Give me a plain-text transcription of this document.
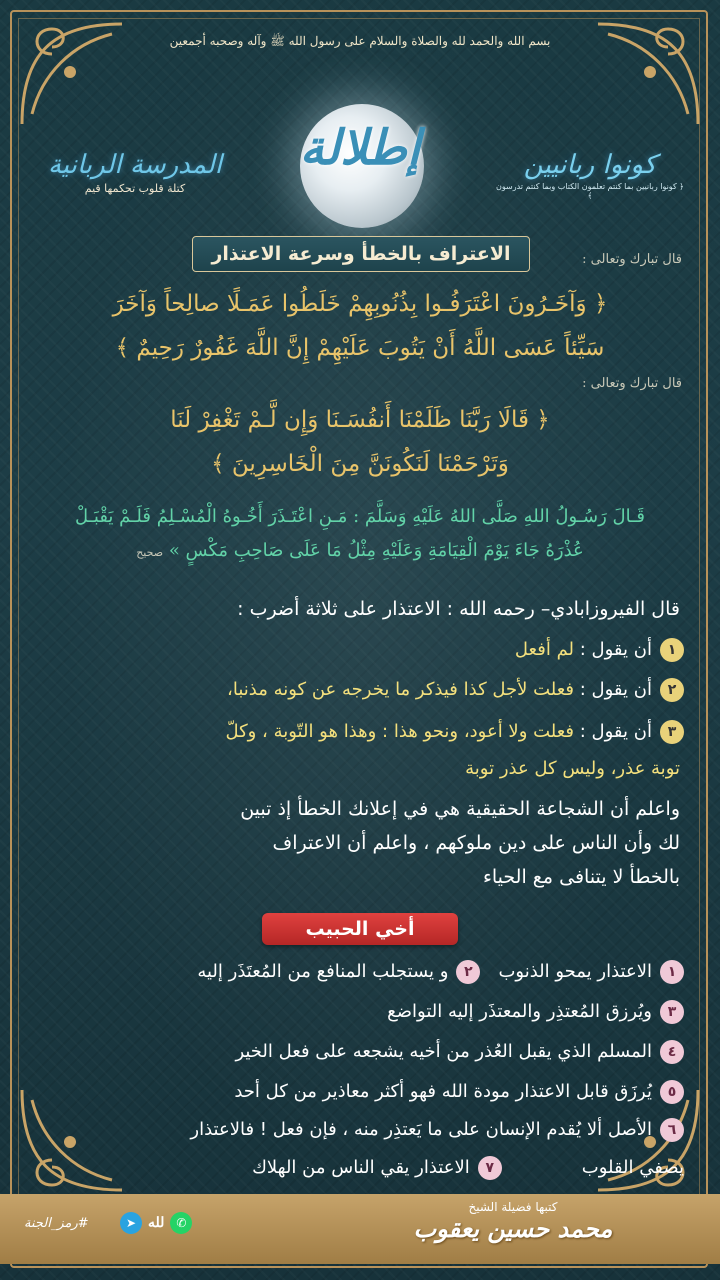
بسم الله والحمد لله والصلاة والسلام على رسول الله ﷺ وآله وصحبه أجمعين
المدرسة الربانية
كتلة قلوب تحكمها قيم
إطلالة	كونوا ربانيين
﴿ كونوا ربانيين بما كنتم تعلمون الكتاب وبما كنتم تدرسون ﴾
الاعتراف بالخطأ وسرعة الاعتذار	قال تبارك وتعالى :
﴿ وَآخَـرُونَ اعْتَرَفُـوا بِذُنُوبِهِمْ خَلَطُوا عَمَـلًا صالِحاً وَآخَرَ
سَيِّئاً عَسَى اللَّهُ أَنْ يَتُوبَ عَلَيْهِمْ إِنَّ اللَّهَ غَفُورٌ رَحِيمٌ ﴾
قال تبارك وتعالى :
﴿ قَالَا رَبَّنَا ظَلَمْنَا أَنفُسَـنَا وَإِن لَّـمْ تَغْفِرْ لَنَا
وَتَرْحَمْنَا لَنَكُونَنَّ مِنَ الْخَاسِرِينَ ﴾
قَـالَ رَسُـولُ اللهِ صَلَّى اللهُ عَلَيْهِ وَسَلَّمَ : مَـنِ اعْتَـذَرَ أَخُـوهُ الْمُسْـلِمُ فَلَـمْ يَقْبَـلْ
عُذْرَهُ جَاءَ يَوْمَ الْقِيَامَةِ وَعَلَيْهِ مِثْلُ مَا عَلَى صَاحِبِ مَكْسٍ » صحيح
قال الفيروزابادي– رحمه الله : الاعتذار على ثلاثة أضرب :
١
أن يقول :

لم أفعل
٢
أن يقول :

فعلت لأجل كذا فيذكر ما يخرجه عن كونه مذنبا،
٣
أن يقول :

فعلت ولا أعود، ونحو هذا : وهذا هو التّوبة ، وكلّ
توبة عذر، وليس كل عذر توبة
واعلم أن الشجاعة الحقيقية هي في إعلانك الخطأ إذ تبين
لك وأن الناس على دين ملوكهم ، واعلم أن الاعتراف
بالخطأ لا يتنافى مع الحياء
أخي الحبيب
١
الاعتذار يمحو الذنوب
٢
و يستجلب المنافع من المُعتَذَر إليه
٣
ويُرزق المُعتذِر والمعتذَر إليه التواضع
٤
المسلم الذي يقبل العُذر من أخيه يشجعه على فعل الخير
٥
يُرزَق قابل الاعتذار مودة الله فهو أكثر معاذير من كل أحد
٦
الأصل ألا يُقدم الإنسان على ما يَعتذِر منه ، فإن فعل ! فالاعتذار
يصفي القلوب
٧
الاعتذار يقي الناس من الهلاك
كتبها فضيلة الشيخ
محمد حسين يعقوب
#رمز_الجنة	➤ لله ✆
